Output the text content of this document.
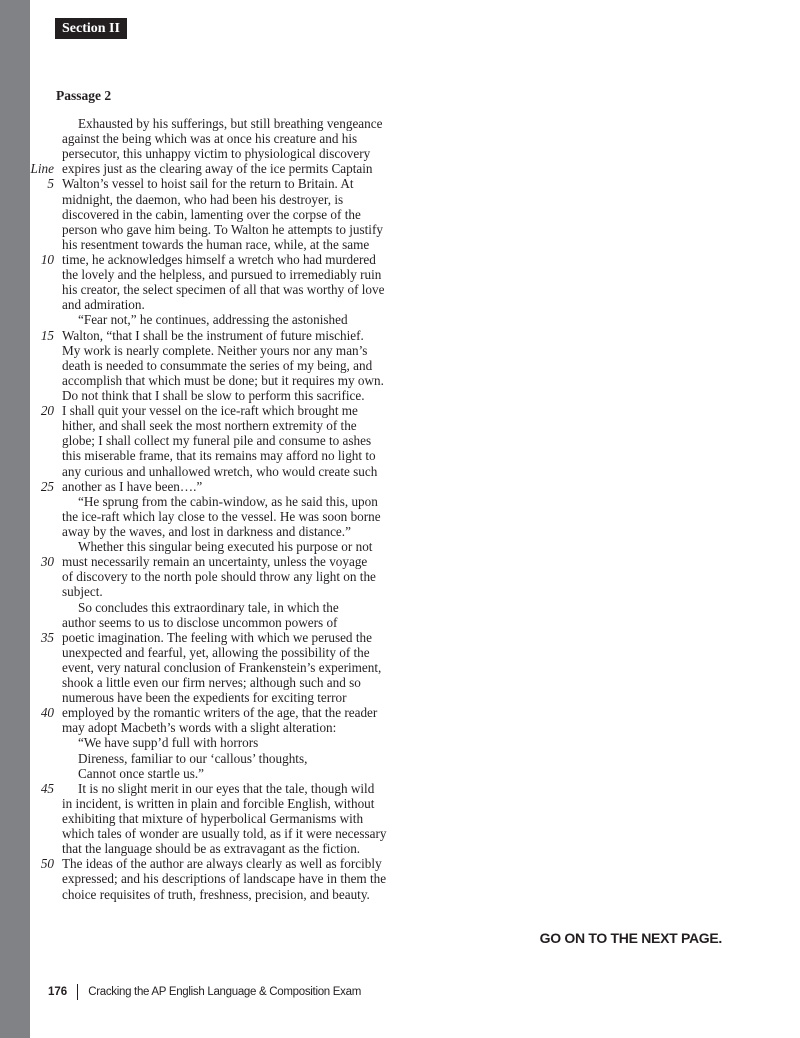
Section II
Passage 2
Exhausted by his sufferings, but still breathing vengeance
against the being which was at once his creature and his
persecutor, this unhappy victim to physiological discovery
Line expires just as the clearing away of the ice permits Captain
5 Walton’s vessel to hoist sail for the return to Britain. At
midnight, the daemon, who had been his destroyer, is
discovered in the cabin, lamenting over the corpse of the
person who gave him being. To Walton he attempts to justify
his resentment towards the human race, while, at the same
10 time, he acknowledges himself a wretch who had murdered
the lovely and the helpless, and pursued to irremediably ruin
his creator, the select specimen of all that was worthy of love
and admiration.
“Fear not,” he continues, addressing the astonished
15 Walton, “that I shall be the instrument of future mischief.
My work is nearly complete. Neither yours nor any man’s
death is needed to consummate the series of my being, and
accomplish that which must be done; but it requires my own.
Do not think that I shall be slow to perform this sacrifice.
20 I shall quit your vessel on the ice-raft which brought me
hither, and shall seek the most northern extremity of the
globe; I shall collect my funeral pile and consume to ashes
this miserable frame, that its remains may afford no light to
any curious and unhallowed wretch, who would create such
25 another as I have been….”
“He sprung from the cabin-window, as he said this, upon
the ice-raft which lay close to the vessel. He was soon borne
away by the waves, and lost in darkness and distance.”
Whether this singular being executed his purpose or not
30 must necessarily remain an uncertainty, unless the voyage
of discovery to the north pole should throw any light on the
subject.
So concludes this extraordinary tale, in which the
author seems to us to disclose uncommon powers of
35 poetic imagination. The feeling with which we perused the
unexpected and fearful, yet, allowing the possibility of the
event, very natural conclusion of Frankenstein’s experiment,
shook a little even our firm nerves; although such and so
numerous have been the expedients for exciting terror
40 employed by the romantic writers of the age, that the reader
may adopt Macbeth’s words with a slight alteration:
“We have supp’d full with horrors
Direness, familiar to our ‘callous’ thoughts,
Cannot once startle us.”
45 It is no slight merit in our eyes that the tale, though wild
in incident, is written in plain and forcible English, without
exhibiting that mixture of hyperbolical Germanisms with
which tales of wonder are usually told, as if it were necessary
that the language should be as extravagant as the fiction.
50 The ideas of the author are always clearly as well as forcibly
expressed; and his descriptions of landscape have in them the
choice requisites of truth, freshness, precision, and beauty.
GO ON TO THE NEXT PAGE.
176 Cracking the AP English Language & Composition Exam
